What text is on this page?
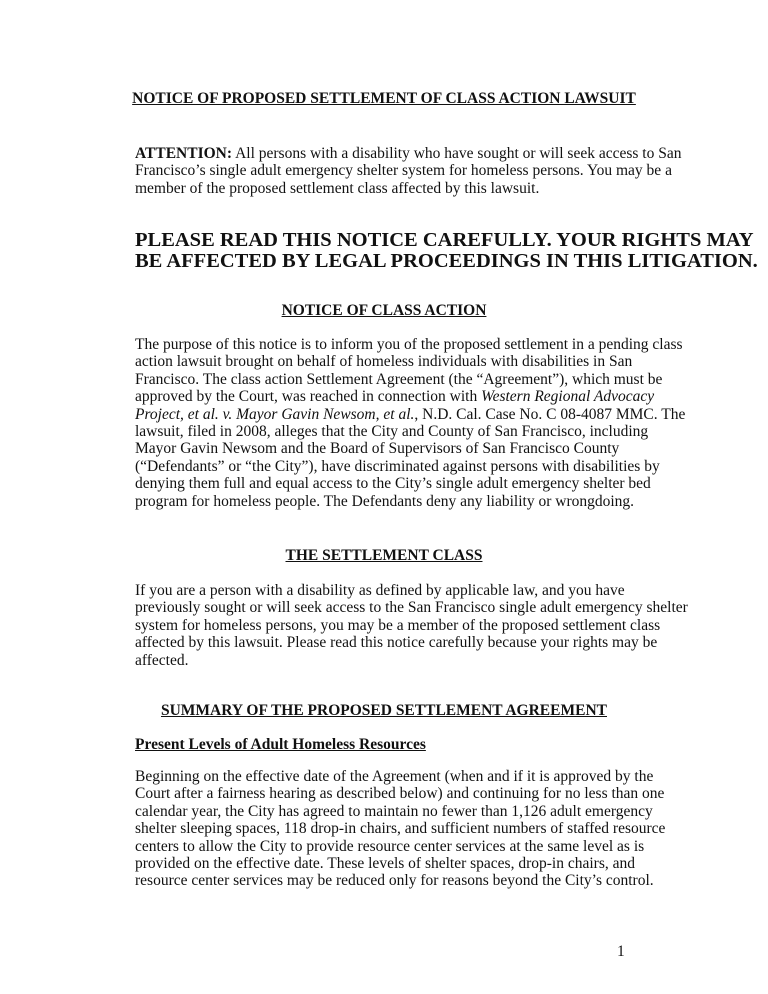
NOTICE OF PROPOSED SETTLEMENT OF CLASS ACTION LAWSUIT
ATTENTION: All persons with a disability who have sought or will seek access to San
Francisco’s single adult emergency shelter system for homeless persons. You may be a
member of the proposed settlement class affected by this lawsuit.
PLEASE READ THIS NOTICE CAREFULLY. YOUR RIGHTS MAY
BE AFFECTED BY LEGAL PROCEEDINGS IN THIS LITIGATION.
NOTICE OF CLASS ACTION
The purpose of this notice is to inform you of the proposed settlement in a pending class
action lawsuit brought on behalf of homeless individuals with disabilities in San
Francisco. The class action Settlement Agreement (the “Agreement”), which must be
approved by the Court, was reached in connection with Western Regional Advocacy
Project, et al. v. Mayor Gavin Newsom, et al., N.D. Cal. Case No. C 08-4087 MMC. The
lawsuit, filed in 2008, alleges that the City and County of San Francisco, including
Mayor Gavin Newsom and the Board of Supervisors of San Francisco County
(“Defendants” or “the City”), have discriminated against persons with disabilities by
denying them full and equal access to the City’s single adult emergency shelter bed
program for homeless people. The Defendants deny any liability or wrongdoing.
THE SETTLEMENT CLASS
If you are a person with a disability as defined by applicable law, and you have
previously sought or will seek access to the San Francisco single adult emergency shelter
system for homeless persons, you may be a member of the proposed settlement class
affected by this lawsuit. Please read this notice carefully because your rights may be
affected.
SUMMARY OF THE PROPOSED SETTLEMENT AGREEMENT
Present Levels of Adult Homeless Resources
Beginning on the effective date of the Agreement (when and if it is approved by the
Court after a fairness hearing as described below) and continuing for no less than one
calendar year, the City has agreed to maintain no fewer than 1,126 adult emergency
shelter sleeping spaces, 118 drop-in chairs, and sufficient numbers of staffed resource
centers to allow the City to provide resource center services at the same level as is
provided on the effective date. These levels of shelter spaces, drop-in chairs, and
resource center services may be reduced only for reasons beyond the City’s control.
1
